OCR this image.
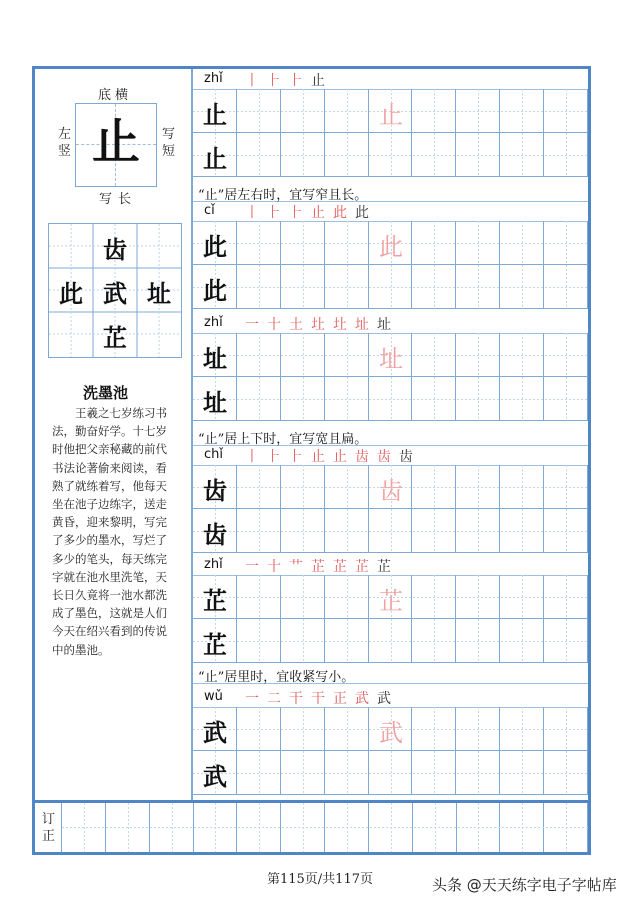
止
底横
左竖
写短
写长
齿
此 武 址
芷
洗墨池
王羲之七岁练习书
法，勤奋好学。十七岁
时他把父亲秘藏的前代
书法论著偷来阅读，看
熟了就练着写，他每天
坐在池子边练字，送走
黄昏，迎来黎明，写完
了多少的墨水，写烂了
多少的笔头，每天练完
字就在池水里洗笔，天
长日久竟将一池水都洗
成了墨色，这就是人们
今天在绍兴看到的传说
中的墨池。
zhǐ 丨 ⺊ ⺊ 止
止	止
止
“止”居左右时，宜写窄且长。
cǐ 丨 ⺊ ⺊ 止 此 此
此	此
此
zhǐ 一 十 土 圵 圵 址 址
址	址
址
chǐ 丨 ⺊ ⺊ 止 止 齿 齿 齿
齿	齿
齿
“止”居上下时，宜写宽且扁。
zhǐ 一 十 艹 芷 芷 芷 芷
芷	芷
芷
wǔ 一 二 干 干 正 武 武
武	武
武
“止”居里时，宜收紧写小。
订
正
第115页/共117页	头条 @天天练字电子字帖库
